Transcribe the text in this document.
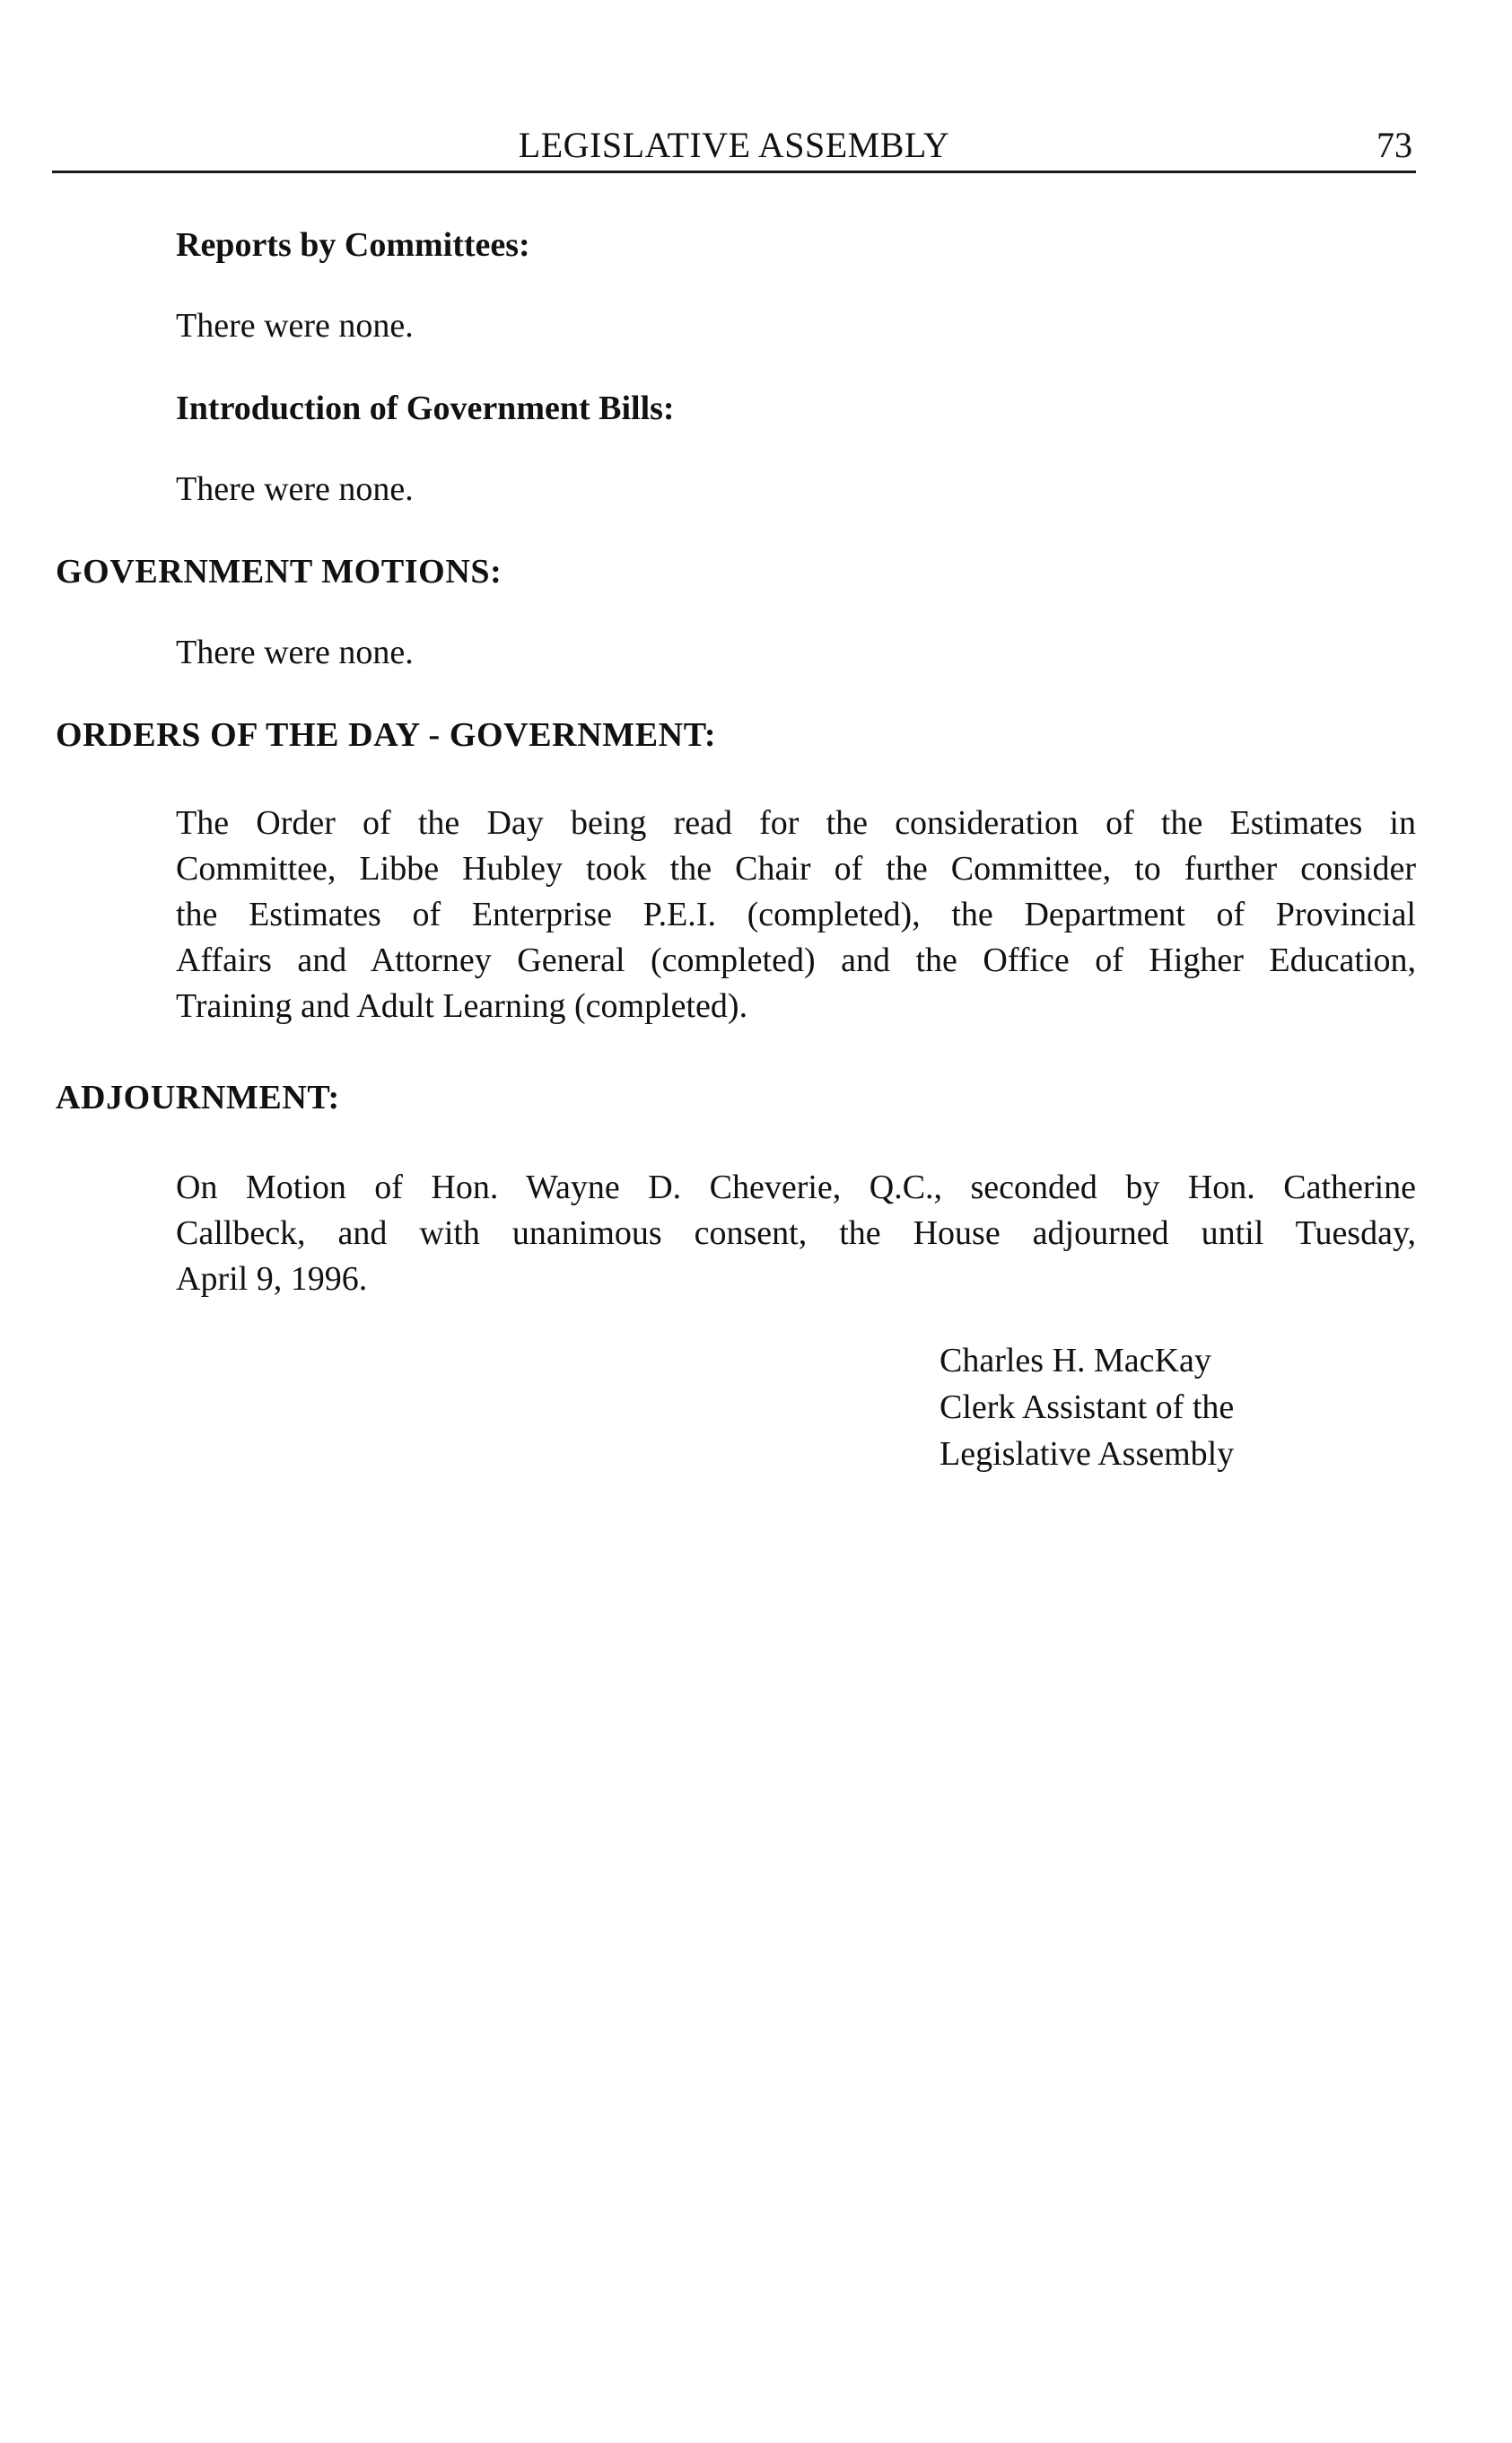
LEGISLATIVE ASSEMBLY	73
Reports by Committees:
There were none.
Introduction of Government Bills:
There were none.
GOVERNMENT MOTIONS:
There were none.
ORDERS OF THE DAY - GOVERNMENT:
The Order of the Day being read for the consideration of the Estimates in
Committee, Libbe Hubley took the Chair of the Committee, to further consider
the Estimates of Enterprise P.E.I. (completed), the Department of Provincial
Affairs and Attorney General (completed) and the Office of Higher Education,
Training and Adult Learning (completed).
ADJOURNMENT:
On Motion of Hon. Wayne D. Cheverie, Q.C., seconded by Hon. Catherine
Callbeck, and with unanimous consent, the House adjourned until Tuesday,
April 9, 1996.
Charles H. MacKay
Clerk Assistant of the
Legislative Assembly
